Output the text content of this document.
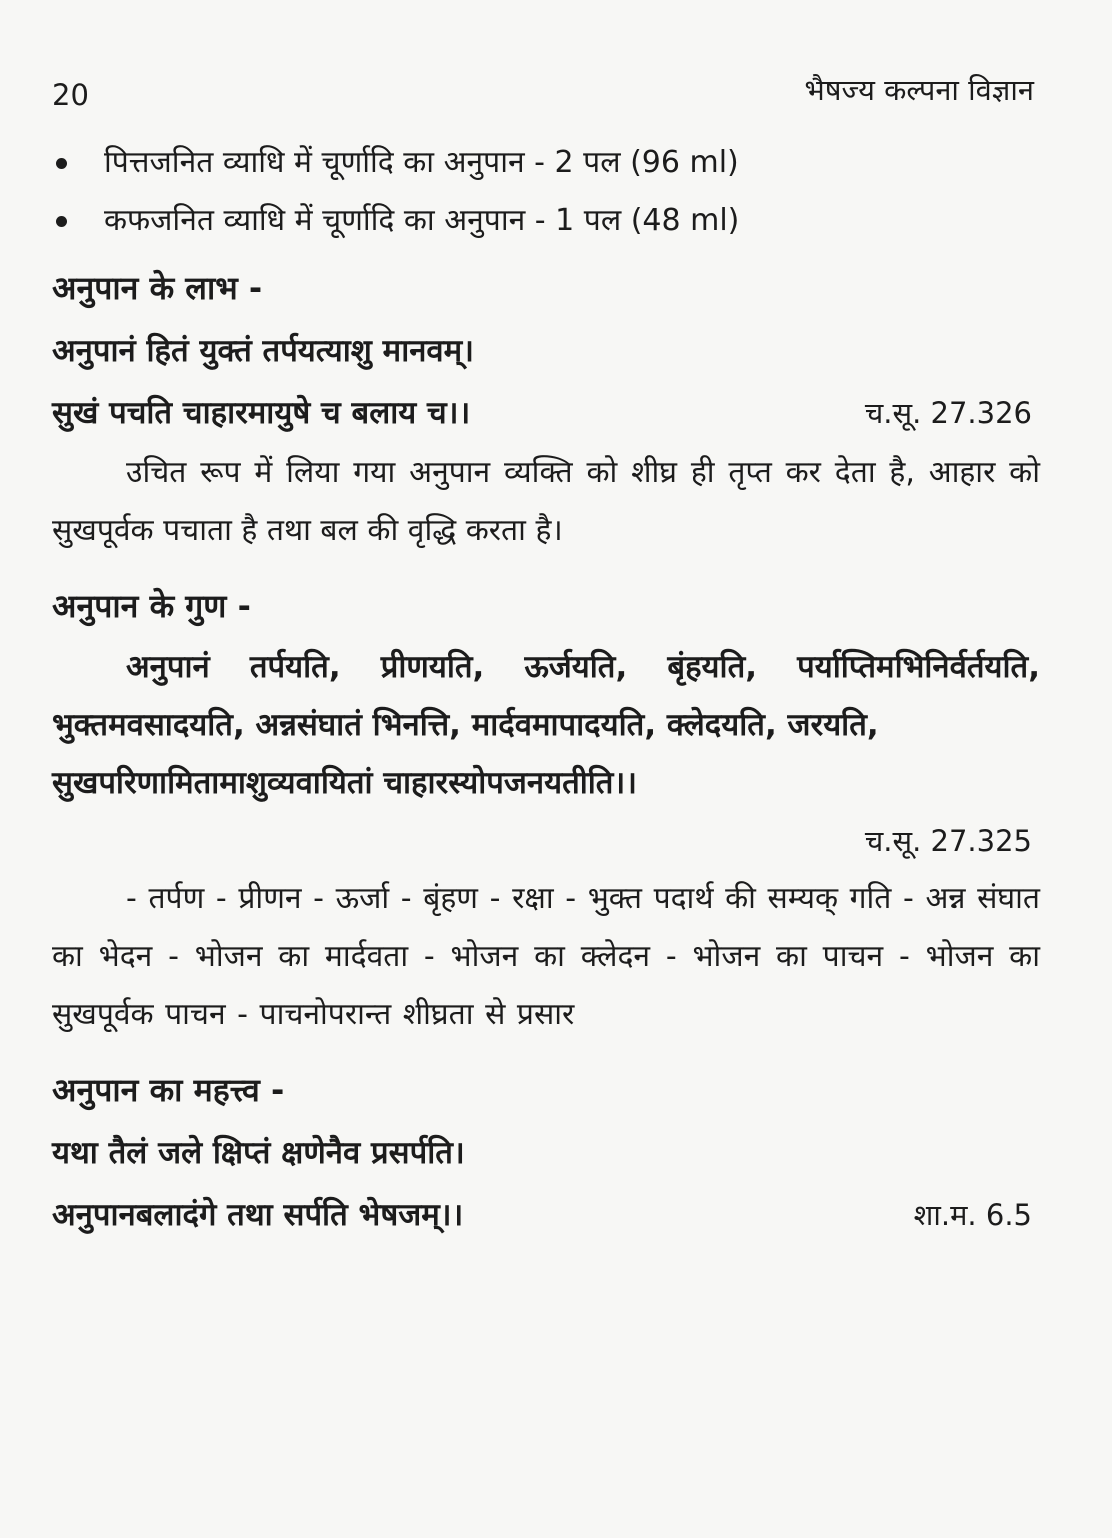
20	भैषज्य कल्पना विज्ञान
पित्तजनित व्याधि में चूर्णादि का अनुपान - 2 पल (96 ml)
कफजनित व्याधि में चूर्णादि का अनुपान - 1 पल (48 ml)
अनुपान के लाभ -
अनुपानं हितं युक्तं तर्पयत्याशु मानवम्।
सुखं पचति चाहारमायुषे च बलाय च।।	च.सू. 27.326

उचित रूप में लिया गया अनुपान व्यक्ति को शीघ्र ही तृप्त कर देता है, आहार को सुखपूर्वक पचाता है तथा बल की वृद्धि करता है।

अनुपान के गुण -

अनुपानं तर्पयति, प्रीणयति, ऊर्जयति, बृंहयति, पर्याप्तिमभिनिर्वर्तयति, भुक्तमवसादयति, अन्नसंघातं भिनत्ति, मार्दवमापादयति, क्लेदयति, जरयति,

सुखपरिणामितामाशुव्यवायितां चाहारस्योपजनयतीति।।
च.सू. 27.325

- तर्पण - प्रीणन - ऊर्जा - बृंहण - रक्षा - भुक्त पदार्थ की सम्यक् गति - अन्न संघात का भेदन - भोजन का मार्दवता - भोजन का क्लेदन - भोजन का पाचन - भोजन का सुखपूर्वक पाचन - पाचनोपरान्त शीघ्रता से प्रसार

अनुपान का महत्त्व -
यथा तैलं जले क्षिप्तं क्षणेनैव प्रसर्पति।
अनुपानबलादंगे तथा सर्पति भेषजम्।।	शा.म. 6.5
